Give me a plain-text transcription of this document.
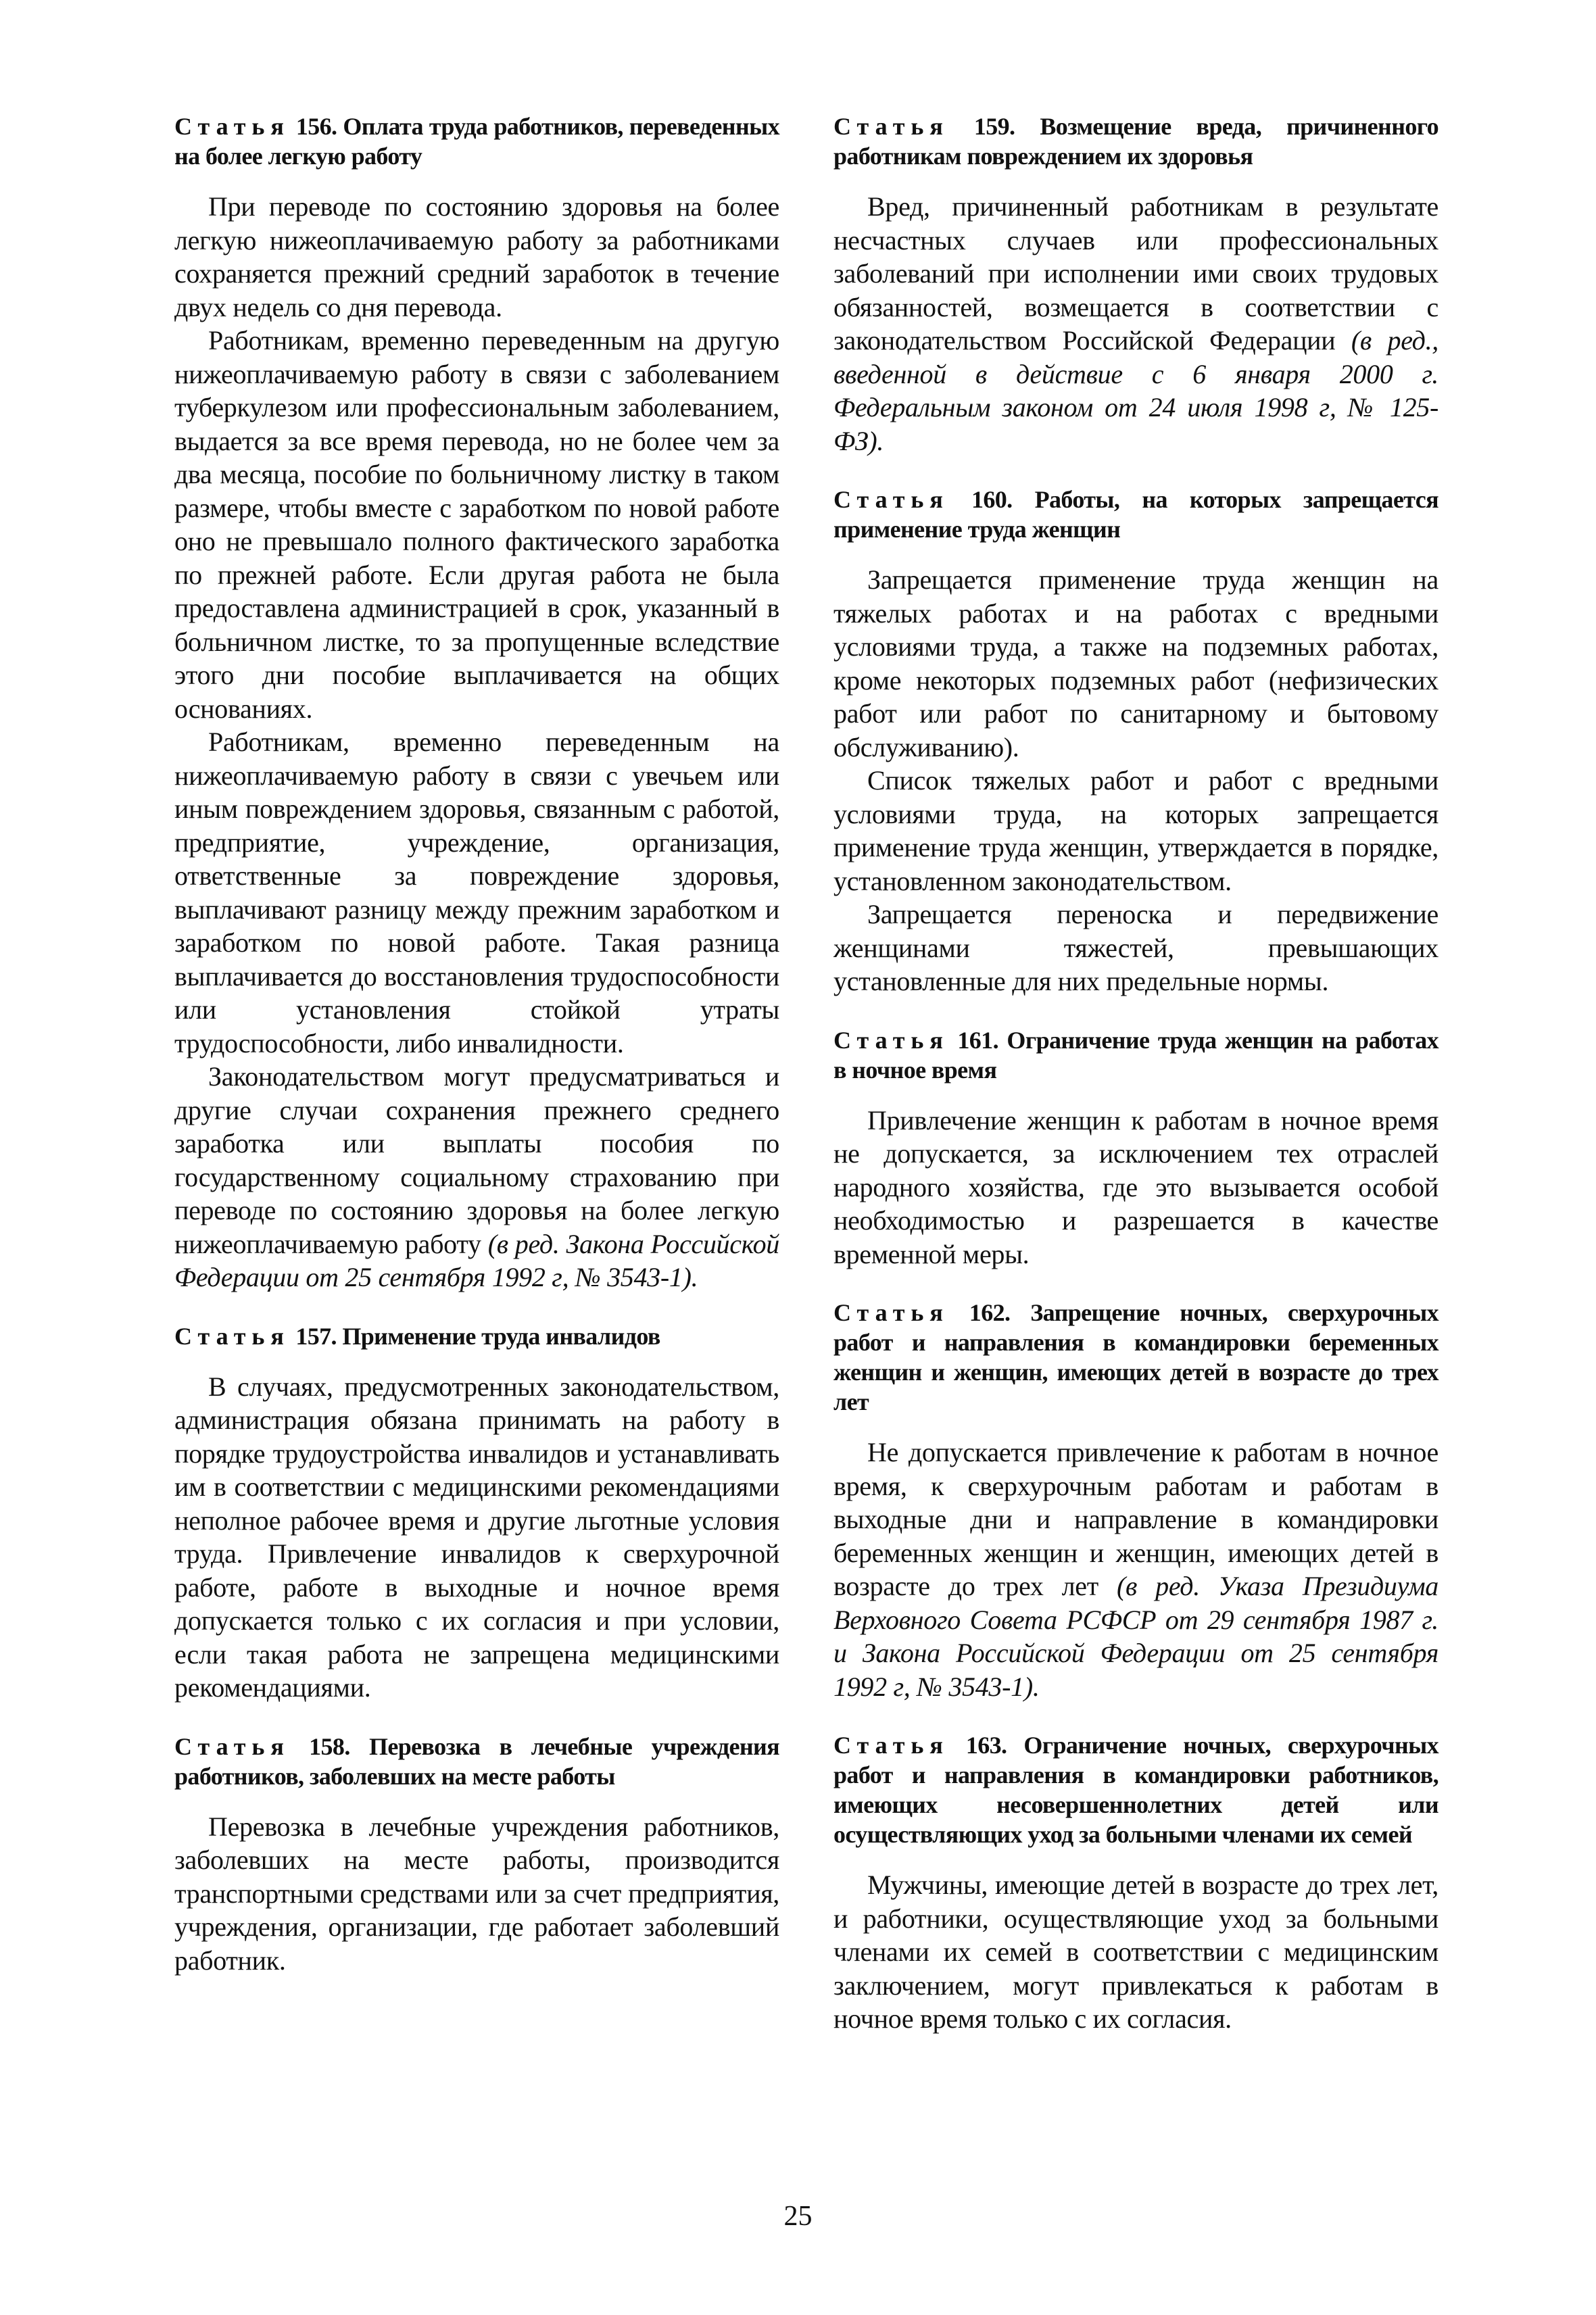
Статья 156. Оплата труда работников, переведенных на более легкую работу

При переводе по состоянию здоровья на более легкую нижеоплачиваемую работу за работниками сохраняется прежний средний заработок в течение двух недель со дня перевода.

Работникам, временно переведенным на другую нижеоплачиваемую работу в связи с заболеванием туберкулезом или профессиональным заболеванием, выдается за все время перевода, но не более чем за два месяца, пособие по больничному листку в таком размере, чтобы вместе с заработком по новой работе оно не превышало полного фактического заработка по прежней работе. Если другая работа не была предоставлена администрацией в срок, указанный в больничном листке, то за пропущенные вследствие этого дни пособие выплачивается на общих основаниях.

Работникам, временно переведенным на нижеоплачиваемую работу в связи с увечьем или иным повреждением здоровья, связанным с работой, предприятие, учреждение, организация, ответственные за повреждение здоровья, выплачивают разницу между прежним заработком и заработком по новой работе. Такая разница выплачивается до восстановления трудоспособности или установления стойкой утраты трудоспособности, либо инвалидности.

Законодательством могут предусматриваться и другие случаи сохранения прежнего среднего заработка или выплаты пособия по государственному социальному страхованию при переводе по состоянию здоровья на более легкую нижеоплачиваемую работу (в ред. Закона Российской Федерации от 25 сентября 1992 г, № 3543-1).

Статья 157. Применение труда инвалидов

В случаях, предусмотренных законодательством, администрация обязана принимать на работу в порядке трудоустройства инвалидов и устанавливать им в соответствии с медицинскими рекомендациями неполное рабочее время и другие льготные условия труда. Привлечение инвалидов к сверхурочной работе, работе в выходные и ночное время допускается только с их согласия и при условии, если такая работа не запрещена медицинскими рекомендациями.

Статья 158. Перевозка в лечебные учреждения работников, заболевших на месте работы

Перевозка в лечебные учреждения работников, заболевших на месте работы, производится транспортными средствами или за счет предприятия, учреждения, организации, где работает заболевший работник.

Статья 159. Возмещение вреда, причиненного работникам повреждением их здоровья

Вред, причиненный работникам в результате несчастных случаев или профессиональных заболеваний при исполнении ими своих трудовых обязанностей, возмещается в соответствии с законодательством Российской Федерации (в ред., введенной в действие с 6 января 2000 г. Федеральным законом от 24 июля 1998 г, № 125-ФЗ).

Статья 160. Работы, на которых запрещается применение труда женщин

Запрещается применение труда женщин на тяжелых работах и на работах с вредными условиями труда, а также на подземных работах, кроме некоторых подземных работ (нефизических работ или работ по санитарному и бытовому обслуживанию).

Список тяжелых работ и работ с вредными условиями труда, на которых запрещается применение труда женщин, утверждается в порядке, установленном законодательством.

Запрещается переноска и передвижение женщинами тяжестей, превышающих установленные для них предельные нормы.

Статья 161. Ограничение труда женщин на работах в ночное время

Привлечение женщин к работам в ночное время не допускается, за исключением тех отраслей народного хозяйства, где это вызывается особой необходимостью и разрешается в качестве временной меры.

Статья 162. Запрещение ночных, сверхурочных работ и направления в командировки беременных женщин и женщин, имеющих детей в возрасте до трех лет

Не допускается привлечение к работам в ночное время, к сверхурочным работам и работам в выходные дни и направление в командировки беременных женщин и женщин, имеющих детей в возрасте до трех лет (в ред. Указа Президиума Верховного Совета РСФСР от 29 сентября 1987 г. и Закона Российской Федерации от 25 сентября 1992 г, № 3543-1).

Статья 163. Ограничение ночных, сверхурочных работ и направления в командировки работников, имеющих несовершеннолетних детей или осуществляющих уход за больными членами их семей

Мужчины, имеющие детей в возрасте до трех лет, и работники, осуществляющие уход за больными членами их семей в соответствии с медицинским заключением, могут привлекаться к работам в ночное время только с их согласия.

25
